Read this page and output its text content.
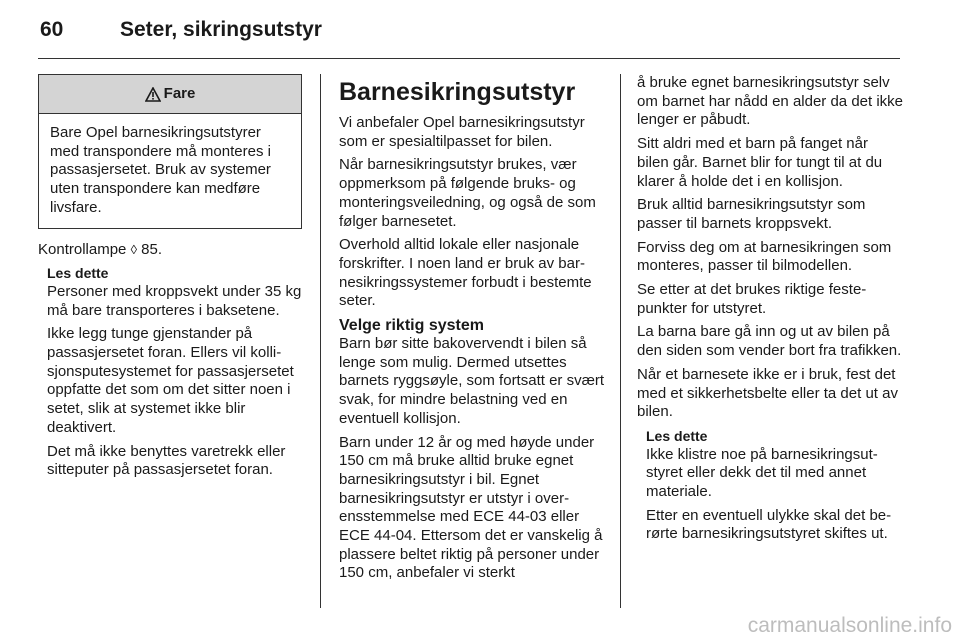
60	Seter, sikringsutstyr
Fare
Bare Opel barnesikringsutstyrer med transpondere må monteres i passasjersetet. Bruk av systemer uten transpondere kan medføre livsfare.

Kontrollampe ◊ 85.

Les dette

Personer med kroppsvekt under 35 kg må bare transporteres i baksetene.

Ikke legg tunge gjenstander på passasjersetet foran. Ellers vil kollisjonsputesystemet for passasjersetet oppfatte det som om det sitter noen i setet, slik at systemet ikke blir deaktivert.

Det må ikke benyttes varetrekk eller sitteputer på passasjersetet foran.

Barnesikringsutstyr

Vi anbefaler Opel barnesikringsutstyr som er spesialtilpasset for bilen.

Når barnesikringsutstyr brukes, vær oppmerksom på følgende bruks- og monteringsveiledning, og også de som følger barnesetet.

Overhold alltid lokale eller nasjonale forskrifter. I noen land er bruk av barnesikringssystemer forbudt i bestemte seter.

Velge riktig system

Barn bør sitte bakovervendt i bilen så lenge som mulig. Dermed utsettes barnets ryggsøyle, som fortsatt er svært svak, for mindre belastning ved en eventuell kollisjon.

Barn under 12 år og med høyde under 150 cm må bruke alltid bruke egnet barnesikringsutstyr i bil. Egnet barnesikringsutstyr er utstyr i overensstemmelse med ECE 44-03 eller ECE 44-04. Ettersom det er vanskelig å plassere beltet riktig på personer under 150 cm, anbefaler vi sterkt

å bruke egnet barnesikringsutstyr selv om barnet har nådd en alder da det ikke lenger er påbudt.

Sitt aldri med et barn på fanget når bilen går. Barnet blir for tungt til at du klarer å holde det i en kollisjon.

Bruk alltid barnesikringsutstyr som passer til barnets kroppsvekt.

Forviss deg om at barnesikringen som monteres, passer til bilmodellen.

Se etter at det brukes riktige festepunkter for utstyret.

La barna bare gå inn og ut av bilen på den siden som vender bort fra trafikken.

Når et barnesete ikke er i bruk, fest det med et sikkerhetsbelte eller ta det ut av bilen.

Les dette

Ikke klistre noe på barnesikringsutstyret eller dekk det til med annet materiale.

Etter en eventuell ulykke skal det berørte barnesikringsutstyret skiftes ut.

carmanualsonline.info
